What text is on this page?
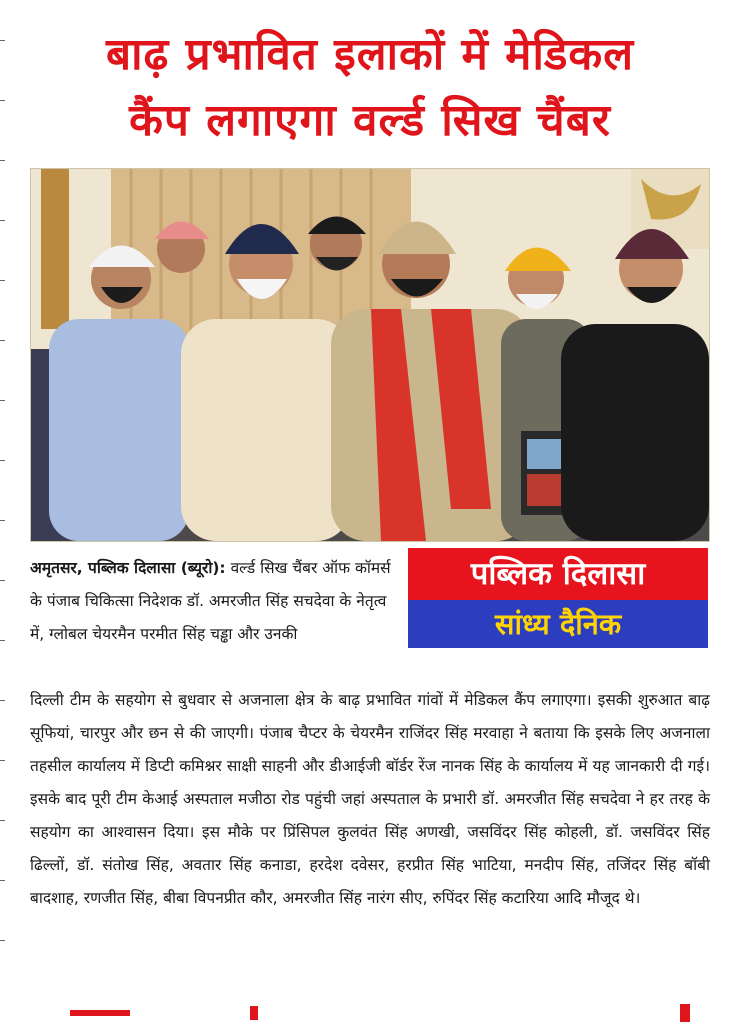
बाढ़ प्रभावित इलाकों में मेडिकल
कैंप लगाएगा वर्ल्ड सिख चैंबर
अमृतसर, पब्लिक दिलासा (ब्यूरो): वर्ल्ड सिख चैंबर ऑफ कॉमर्स के पंजाब चिकित्सा निदेशक डॉ. अमरजीत सिंह सचदेवा के नेतृत्व में, ग्लोबल चेयरमैन परमीत सिंह चड्ढा और उनकी
पब्लिक दिलासा
सांध्य दैनिक
दिल्ली टीम के सहयोग से बुधवार से अजनाला क्षेत्र के बाढ़ प्रभावित गांवों में मेडिकल कैंप लगाएगा। इसकी शुरुआत बाढ़ सूफियां, चारपुर और छन से की जाएगी। पंजाब चैप्टर के चेयरमैन राजिंदर सिंह मरवाहा ने बताया कि इसके लिए अजनाला तहसील कार्यालय में डिप्टी कमिश्नर साक्षी साहनी और डीआईजी बॉर्डर रेंज नानक सिंह के कार्यालय में यह जानकारी दी गई। इसके बाद पूरी टीम केआई अस्पताल मजीठा रोड पहुंची जहां अस्पताल के प्रभारी डॉ. अमरजीत सिंह सचदेवा ने हर तरह के सहयोग का आश्वासन दिया। इस मौके पर प्रिंसिपल कुलवंत सिंह अणखी, जसविंदर सिंह कोहली, डॉ. जसविंदर सिंह ढिल्लों, डॉ. संतोख सिंह, अवतार सिंह कनाडा, हरदेश दवेसर, हरप्रीत सिंह भाटिया, मनदीप सिंह, तजिंदर सिंह बॉबी बादशाह, रणजीत सिंह, बीबा विपनप्रीत कौर, अमरजीत सिंह नारंग सीए, रुपिंदर सिंह कटारिया आदि मौजूद थे।
